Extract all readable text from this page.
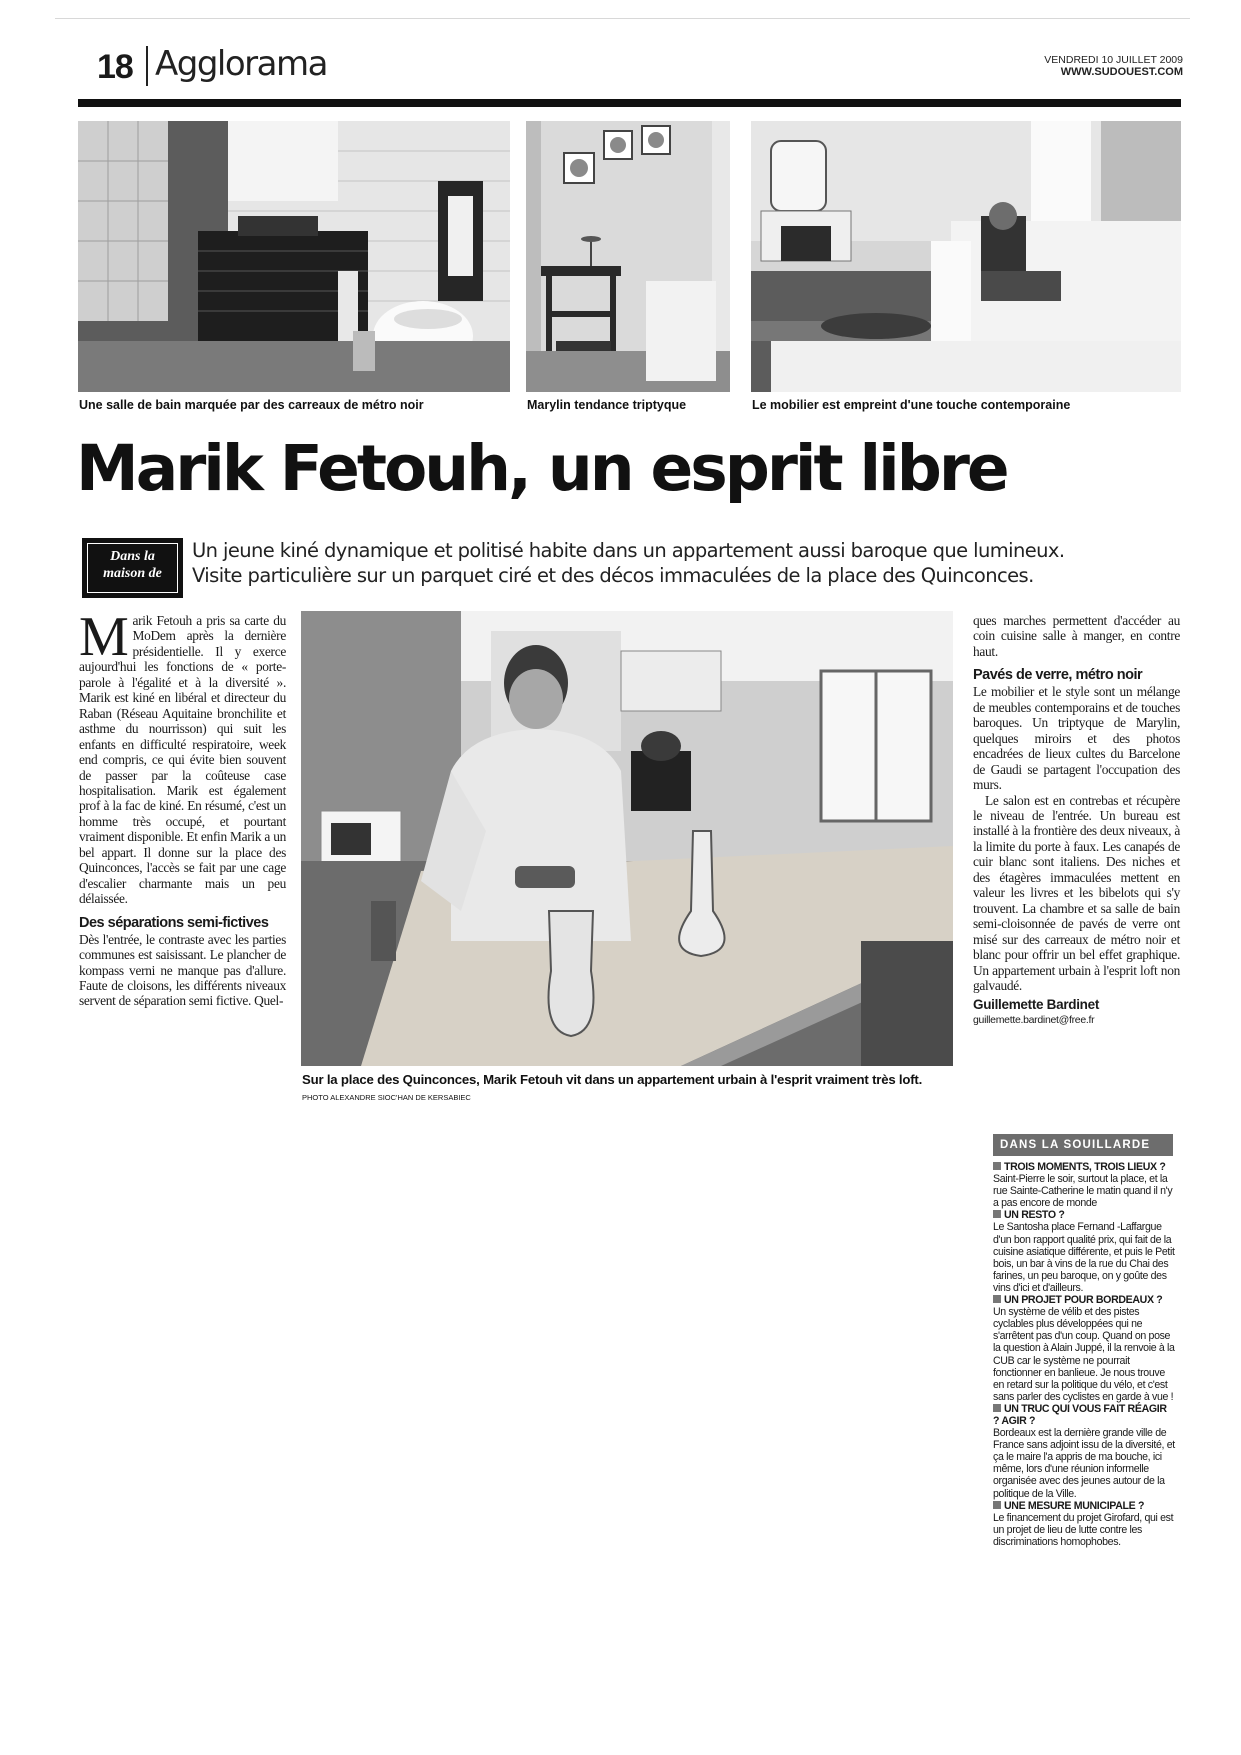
18 Agglorama	VENDREDI 10 JUILLET 2009
WWW.SUDOUEST.COM
Une salle de bain marquée par des carreaux de métro noir	Marylin tendance triptyque	Le mobilier est empreint d'une touche contemporaine
Marik Fetouh, un esprit libre
Dans la
maison de
Un jeune kiné dynamique et politisé habite dans un appartement aussi baroque que lumineux.
Visite particulière sur un parquet ciré et des décos immaculées de la place des Quinconces.

Marik Fetouh a pris sa carte du MoDem après la dernière présidentielle. Il y exerce aujourd'hui les fonctions de « porte-parole à l'égalité et à la diversité ». Marik est kiné en libéral et directeur du Raban (Réseau Aquitaine bronchilite et asthme du nourrisson) qui suit les enfants en difficulté respiratoire, week end compris, ce qui évite bien souvent de passer par la coûteuse case hospitalisation. Marik est également prof à la fac de kiné. En résumé, c'est un homme très occupé, et pourtant vraiment disponible. Et enfin Marik a un bel appart. Il donne sur la place des Quinconces, l'accès se fait par une cage d'escalier charmante mais un peu délaissée.

Des séparations semi-fictives

Dès l'entrée, le contraste avec les parties communes est saisissant. Le plancher de kompass verni ne manque pas d'allure. Faute de cloisons, les différents niveaux servent de séparation semi fictive. Quel-

Sur la place des Quinconces, Marik Fetouh vit dans un appartement urbain à l'esprit vraiment très loft. PHOTO ALEXANDRE SIOC'HAN DE KERSABIEC

ques marches permettent d'accéder au coin cuisine salle à manger, en contre haut.

Pavés de verre, métro noir

Le mobilier et le style sont un mélange de meubles contemporains et de touches baroques. Un triptyque de Marylin, quelques miroirs et des photos encadrées de lieux cultes du Barcelone de Gaudi se partagent l'occupation des murs.

Le salon est en contrebas et récupère le niveau de l'entrée. Un bureau est installé à la frontière des deux niveaux, à la limite du porte à faux. Les canapés de cuir blanc sont italiens. Des niches et des étagères immaculées mettent en valeur les livres et les bibelots qui s'y trouvent. La chambre et sa salle de bain semi-cloisonnée de pavés de verre ont misé sur des carreaux de métro noir et blanc pour offrir un bel effet graphique. Un appartement urbain à l'esprit loft non galvaudé.

Guillemette Bardinet
guillemette.bardinet@free.fr
DANS LA SOUILLARDE
TROIS MOMENTS, TROIS LIEUX ?
Saint-Pierre le soir, surtout la place, et la rue Sainte-Catherine le matin quand il n'y a pas encore de monde
UN RESTO ?
Le Santosha place Fernand -Laffargue d'un bon rapport qualité prix, qui fait de la cuisine asiatique différente, et puis le Petit bois, un bar à vins de la rue du Chai des farines, un peu baroque, on y goûte des vins d'ici et d'ailleurs.
UN PROJET POUR BORDEAUX ?
Un système de vélib et des pistes cyclables plus développées qui ne s'arrêtent pas d'un coup. Quand on pose la question à Alain Juppé, il la renvoie à la CUB car le système ne pourrait fonctionner en banlieue. Je nous trouve en retard sur la politique du vélo, et c'est sans parler des cyclistes en garde à vue !
UN TRUC QUI VOUS FAIT RÉAGIR ? AGIR ?
Bordeaux est la dernière grande ville de France sans adjoint issu de la diversité, et ça le maire l'a appris de ma bouche, ici même, lors d'une réunion informelle organisée avec des jeunes autour de la politique de la Ville.
UNE MESURE MUNICIPALE ?
Le financement du projet Girofard, qui est un projet de lieu de lutte contre les discriminations homophobes.
